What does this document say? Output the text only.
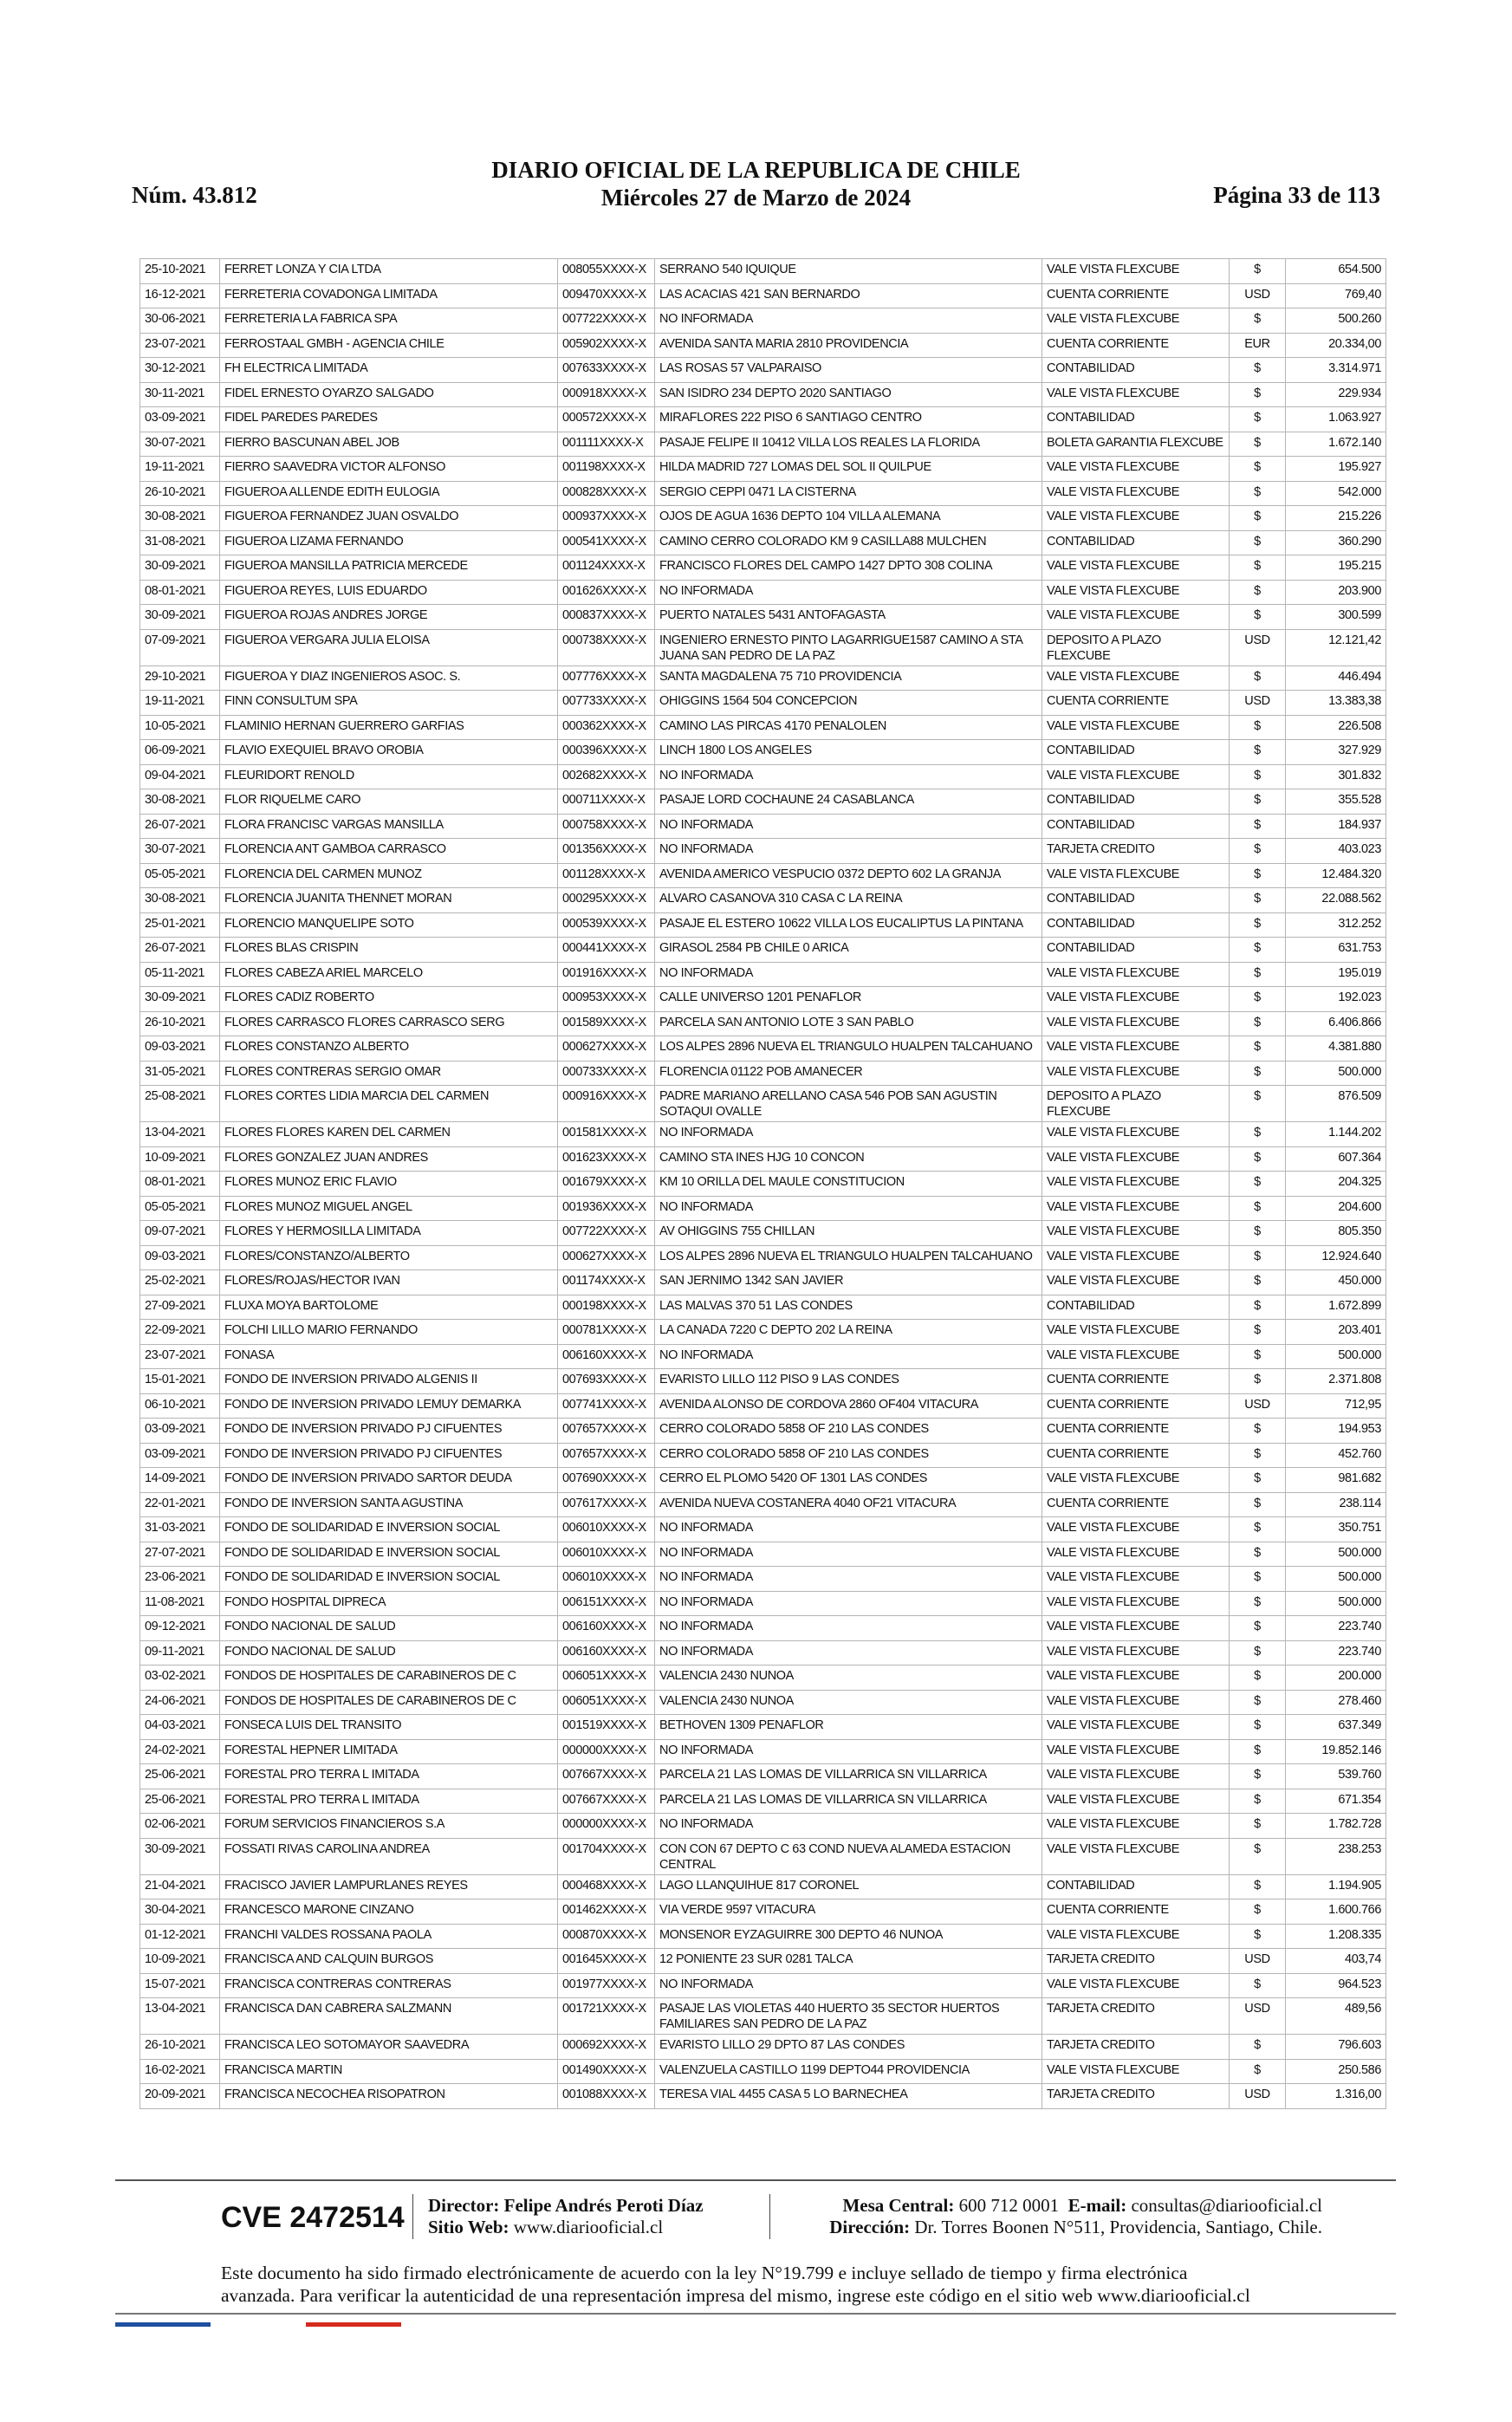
Núm. 43.812
DIARIO OFICIAL DE LA REPUBLICA DE CHILE
Miércoles 27 de Marzo de 2024	Página 33 de 113
25-10-2021	FERRET LONZA Y CIA LTDA	008055XXXX-X	SERRANO 540 IQUIQUE	VALE VISTA FLEXCUBE	$	654.500
16-12-2021	FERRETERIA COVADONGA LIMITADA	009470XXXX-X	LAS ACACIAS 421 SAN BERNARDO	CUENTA CORRIENTE	USD	769,40
30-06-2021	FERRETERIA LA FABRICA SPA	007722XXXX-X	NO INFORMADA	VALE VISTA FLEXCUBE	$	500.260
23-07-2021	FERROSTAAL GMBH - AGENCIA CHILE	005902XXXX-X	AVENIDA SANTA MARIA 2810 PROVIDENCIA	CUENTA CORRIENTE	EUR	20.334,00
30-12-2021	FH ELECTRICA LIMITADA	007633XXXX-X	LAS ROSAS 57 VALPARAISO	CONTABILIDAD	$	3.314.971
30-11-2021	FIDEL ERNESTO OYARZO SALGADO	000918XXXX-X	SAN ISIDRO 234 DEPTO 2020 SANTIAGO	VALE VISTA FLEXCUBE	$	229.934
03-09-2021	FIDEL PAREDES PAREDES	000572XXXX-X	MIRAFLORES 222 PISO 6 SANTIAGO CENTRO	CONTABILIDAD	$	1.063.927
30-07-2021	FIERRO BASCUNAN ABEL JOB	001111XXXX-X	PASAJE FELIPE II 10412 VILLA LOS REALES LA FLORIDA	BOLETA GARANTIA FLEXCUBE	$	1.672.140
19-11-2021	FIERRO SAAVEDRA VICTOR ALFONSO	001198XXXX-X	HILDA MADRID 727 LOMAS DEL SOL II QUILPUE	VALE VISTA FLEXCUBE	$	195.927
26-10-2021	FIGUEROA ALLENDE EDITH EULOGIA	000828XXXX-X	SERGIO CEPPI 0471 LA CISTERNA	VALE VISTA FLEXCUBE	$	542.000
30-08-2021	FIGUEROA FERNANDEZ JUAN OSVALDO	000937XXXX-X	OJOS DE AGUA 1636 DEPTO 104 VILLA ALEMANA	VALE VISTA FLEXCUBE	$	215.226
31-08-2021	FIGUEROA LIZAMA FERNANDO	000541XXXX-X	CAMINO CERRO COLORADO KM 9 CASILLA88 MULCHEN	CONTABILIDAD	$	360.290
30-09-2021	FIGUEROA MANSILLA PATRICIA MERCEDE	001124XXXX-X	FRANCISCO FLORES DEL CAMPO 1427 DPTO 308 COLINA	VALE VISTA FLEXCUBE	$	195.215
08-01-2021	FIGUEROA REYES, LUIS EDUARDO	001626XXXX-X	NO INFORMADA	VALE VISTA FLEXCUBE	$	203.900
30-09-2021	FIGUEROA ROJAS ANDRES JORGE	000837XXXX-X	PUERTO NATALES 5431 ANTOFAGASTA	VALE VISTA FLEXCUBE	$	300.599
07-09-2021	FIGUEROA VERGARA JULIA ELOISA	000738XXXX-X	INGENIERO ERNESTO PINTO LAGARRIGUE1587 CAMINO A STA JUANA SAN PEDRO DE LA PAZ	DEPOSITO A PLAZO FLEXCUBE	USD	12.121,42
29-10-2021	FIGUEROA Y DIAZ INGENIEROS ASOC. S.	007776XXXX-X	SANTA MAGDALENA 75 710 PROVIDENCIA	VALE VISTA FLEXCUBE	$	446.494
19-11-2021	FINN CONSULTUM SPA	007733XXXX-X	OHIGGINS 1564 504 CONCEPCION	CUENTA CORRIENTE	USD	13.383,38
10-05-2021	FLAMINIO HERNAN GUERRERO GARFIAS	000362XXXX-X	CAMINO LAS PIRCAS 4170 PENALOLEN	VALE VISTA FLEXCUBE	$	226.508
06-09-2021	FLAVIO EXEQUIEL BRAVO OROBIA	000396XXXX-X	LINCH 1800 LOS ANGELES	CONTABILIDAD	$	327.929
09-04-2021	FLEURIDORT RENOLD	002682XXXX-X	NO INFORMADA	VALE VISTA FLEXCUBE	$	301.832
30-08-2021	FLOR RIQUELME CARO	000711XXXX-X	PASAJE LORD COCHAUNE 24 CASABLANCA	CONTABILIDAD	$	355.528
26-07-2021	FLORA FRANCISC VARGAS MANSILLA	000758XXXX-X	NO INFORMADA	CONTABILIDAD	$	184.937
30-07-2021	FLORENCIA ANT GAMBOA CARRASCO	001356XXXX-X	NO INFORMADA	TARJETA CREDITO	$	403.023
05-05-2021	FLORENCIA DEL CARMEN MUNOZ	001128XXXX-X	AVENIDA AMERICO VESPUCIO 0372 DEPTO 602 LA GRANJA	VALE VISTA FLEXCUBE	$	12.484.320
30-08-2021	FLORENCIA JUANITA THENNET MORAN	000295XXXX-X	ALVARO CASANOVA 310 CASA C LA REINA	CONTABILIDAD	$	22.088.562
25-01-2021	FLORENCIO MANQUELIPE SOTO	000539XXXX-X	PASAJE EL ESTERO 10622 VILLA LOS EUCALIPTUS LA PINTANA	CONTABILIDAD	$	312.252
26-07-2021	FLORES BLAS CRISPIN	000441XXXX-X	GIRASOL 2584 PB CHILE 0 ARICA	CONTABILIDAD	$	631.753
05-11-2021	FLORES CABEZA ARIEL MARCELO	001916XXXX-X	NO INFORMADA	VALE VISTA FLEXCUBE	$	195.019
30-09-2021	FLORES CADIZ ROBERTO	000953XXXX-X	CALLE UNIVERSO 1201 PENAFLOR	VALE VISTA FLEXCUBE	$	192.023
26-10-2021	FLORES CARRASCO FLORES CARRASCO SERG	001589XXXX-X	PARCELA SAN ANTONIO LOTE 3 SAN PABLO	VALE VISTA FLEXCUBE	$	6.406.866
09-03-2021	FLORES CONSTANZO ALBERTO	000627XXXX-X	LOS ALPES 2896 NUEVA EL TRIANGULO HUALPEN TALCAHUANO	VALE VISTA FLEXCUBE	$	4.381.880
31-05-2021	FLORES CONTRERAS SERGIO OMAR	000733XXXX-X	FLORENCIA 01122 POB AMANECER	VALE VISTA FLEXCUBE	$	500.000
25-08-2021	FLORES CORTES LIDIA MARCIA DEL CARMEN	000916XXXX-X	PADRE MARIANO ARELLANO CASA 546 POB SAN AGUSTIN SOTAQUI OVALLE	DEPOSITO A PLAZO FLEXCUBE	$	876.509
13-04-2021	FLORES FLORES KAREN DEL CARMEN	001581XXXX-X	NO INFORMADA	VALE VISTA FLEXCUBE	$	1.144.202
10-09-2021	FLORES GONZALEZ JUAN ANDRES	001623XXXX-X	CAMINO STA INES HJG 10 CONCON	VALE VISTA FLEXCUBE	$	607.364
08-01-2021	FLORES MUNOZ ERIC FLAVIO	001679XXXX-X	KM 10 ORILLA DEL MAULE CONSTITUCION	VALE VISTA FLEXCUBE	$	204.325
05-05-2021	FLORES MUNOZ MIGUEL ANGEL	001936XXXX-X	NO INFORMADA	VALE VISTA FLEXCUBE	$	204.600
09-07-2021	FLORES Y HERMOSILLA LIMITADA	007722XXXX-X	AV OHIGGINS 755 CHILLAN	VALE VISTA FLEXCUBE	$	805.350
09-03-2021	FLORES/CONSTANZO/ALBERTO	000627XXXX-X	LOS ALPES 2896 NUEVA EL TRIANGULO HUALPEN TALCAHUANO	VALE VISTA FLEXCUBE	$	12.924.640
25-02-2021	FLORES/ROJAS/HECTOR IVAN	001174XXXX-X	SAN JERNIMO 1342 SAN JAVIER	VALE VISTA FLEXCUBE	$	450.000
27-09-2021	FLUXA MOYA BARTOLOME	000198XXXX-X	LAS MALVAS 370 51 LAS CONDES	CONTABILIDAD	$	1.672.899
22-09-2021	FOLCHI LILLO MARIO FERNANDO	000781XXXX-X	LA CANADA 7220 C DEPTO 202 LA REINA	VALE VISTA FLEXCUBE	$	203.401
23-07-2021	FONASA	006160XXXX-X	NO INFORMADA	VALE VISTA FLEXCUBE	$	500.000
15-01-2021	FONDO DE INVERSION PRIVADO ALGENIS II	007693XXXX-X	EVARISTO LILLO 112 PISO 9 LAS CONDES	CUENTA CORRIENTE	$	2.371.808
06-10-2021	FONDO DE INVERSION PRIVADO LEMUY DEMARKA	007741XXXX-X	AVENIDA ALONSO DE CORDOVA 2860 OF404 VITACURA	CUENTA CORRIENTE	USD	712,95
03-09-2021	FONDO DE INVERSION PRIVADO PJ CIFUENTES	007657XXXX-X	CERRO COLORADO 5858 OF 210 LAS CONDES	CUENTA CORRIENTE	$	194.953
03-09-2021	FONDO DE INVERSION PRIVADO PJ CIFUENTES	007657XXXX-X	CERRO COLORADO 5858 OF 210 LAS CONDES	CUENTA CORRIENTE	$	452.760
14-09-2021	FONDO DE INVERSION PRIVADO SARTOR DEUDA	007690XXXX-X	CERRO EL PLOMO 5420 OF 1301 LAS CONDES	VALE VISTA FLEXCUBE	$	981.682
22-01-2021	FONDO DE INVERSION SANTA AGUSTINA	007617XXXX-X	AVENIDA NUEVA COSTANERA 4040 OF21 VITACURA	CUENTA CORRIENTE	$	238.114
31-03-2021	FONDO DE SOLIDARIDAD E INVERSION SOCIAL	006010XXXX-X	NO INFORMADA	VALE VISTA FLEXCUBE	$	350.751
27-07-2021	FONDO DE SOLIDARIDAD E INVERSION SOCIAL	006010XXXX-X	NO INFORMADA	VALE VISTA FLEXCUBE	$	500.000
23-06-2021	FONDO DE SOLIDARIDAD E INVERSION SOCIAL	006010XXXX-X	NO INFORMADA	VALE VISTA FLEXCUBE	$	500.000
11-08-2021	FONDO HOSPITAL DIPRECA	006151XXXX-X	NO INFORMADA	VALE VISTA FLEXCUBE	$	500.000
09-12-2021	FONDO NACIONAL DE SALUD	006160XXXX-X	NO INFORMADA	VALE VISTA FLEXCUBE	$	223.740
09-11-2021	FONDO NACIONAL DE SALUD	006160XXXX-X	NO INFORMADA	VALE VISTA FLEXCUBE	$	223.740
03-02-2021	FONDOS DE HOSPITALES DE CARABINEROS DE C	006051XXXX-X	VALENCIA 2430 NUNOA	VALE VISTA FLEXCUBE	$	200.000
24-06-2021	FONDOS DE HOSPITALES DE CARABINEROS DE C	006051XXXX-X	VALENCIA 2430 NUNOA	VALE VISTA FLEXCUBE	$	278.460
04-03-2021	FONSECA LUIS DEL TRANSITO	001519XXXX-X	BETHOVEN 1309 PENAFLOR	VALE VISTA FLEXCUBE	$	637.349
24-02-2021	FORESTAL HEPNER LIMITADA	000000XXXX-X	NO INFORMADA	VALE VISTA FLEXCUBE	$	19.852.146
25-06-2021	FORESTAL PRO TERRA L IMITADA	007667XXXX-X	PARCELA 21 LAS LOMAS DE VILLARRICA SN VILLARRICA	VALE VISTA FLEXCUBE	$	539.760
25-06-2021	FORESTAL PRO TERRA L IMITADA	007667XXXX-X	PARCELA 21 LAS LOMAS DE VILLARRICA SN VILLARRICA	VALE VISTA FLEXCUBE	$	671.354
02-06-2021	FORUM SERVICIOS FINANCIEROS S.A	000000XXXX-X	NO INFORMADA	VALE VISTA FLEXCUBE	$	1.782.728
30-09-2021	FOSSATI RIVAS CAROLINA ANDREA	001704XXXX-X	CON CON 67 DEPTO C 63 COND NUEVA ALAMEDA ESTACION CENTRAL	VALE VISTA FLEXCUBE	$	238.253
21-04-2021	FRACISCO JAVIER LAMPURLANES REYES	000468XXXX-X	LAGO LLANQUIHUE 817 CORONEL	CONTABILIDAD	$	1.194.905
30-04-2021	FRANCESCO MARONE CINZANO	001462XXXX-X	VIA VERDE 9597 VITACURA	CUENTA CORRIENTE	$	1.600.766
01-12-2021	FRANCHI VALDES ROSSANA PAOLA	000870XXXX-X	MONSENOR EYZAGUIRRE 300 DEPTO 46 NUNOA	VALE VISTA FLEXCUBE	$	1.208.335
10-09-2021	FRANCISCA AND CALQUIN BURGOS	001645XXXX-X	12 PONIENTE 23 SUR 0281 TALCA	TARJETA CREDITO	USD	403,74
15-07-2021	FRANCISCA CONTRERAS CONTRERAS	001977XXXX-X	NO INFORMADA	VALE VISTA FLEXCUBE	$	964.523
13-04-2021	FRANCISCA DAN CABRERA SALZMANN	001721XXXX-X	PASAJE LAS VIOLETAS 440 HUERTO 35 SECTOR HUERTOS FAMILIARES SAN PEDRO DE LA PAZ	TARJETA CREDITO	USD	489,56
26-10-2021	FRANCISCA LEO SOTOMAYOR SAAVEDRA	000692XXXX-X	EVARISTO LILLO 29 DPTO 87 LAS CONDES	TARJETA CREDITO	$	796.603
16-02-2021	FRANCISCA MARTIN	001490XXXX-X	VALENZUELA CASTILLO 1199 DEPTO44 PROVIDENCIA	VALE VISTA FLEXCUBE	$	250.586
20-09-2021	FRANCISCA NECOCHEA RISOPATRON	001088XXXX-X	TERESA VIAL 4455 CASA 5 LO BARNECHEA	TARJETA CREDITO	USD	1.316,00
CVE 2472514 Director: Felipe Andrés Peroti Díaz
Sitio Web: www.diariooficial.cl
Mesa Central: 600 712 0001 E-mail: consultas@diariooficial.cl
Dirección: Dr. Torres Boonen N°511, Providencia, Santiago, Chile.
Este documento ha sido firmado electrónicamente de acuerdo con la ley N°19.799 e incluye sellado de tiempo y firma electrónica
avanzada. Para verificar la autenticidad de una representación impresa del mismo, ingrese este código en el sitio web www.diariooficial.cl
